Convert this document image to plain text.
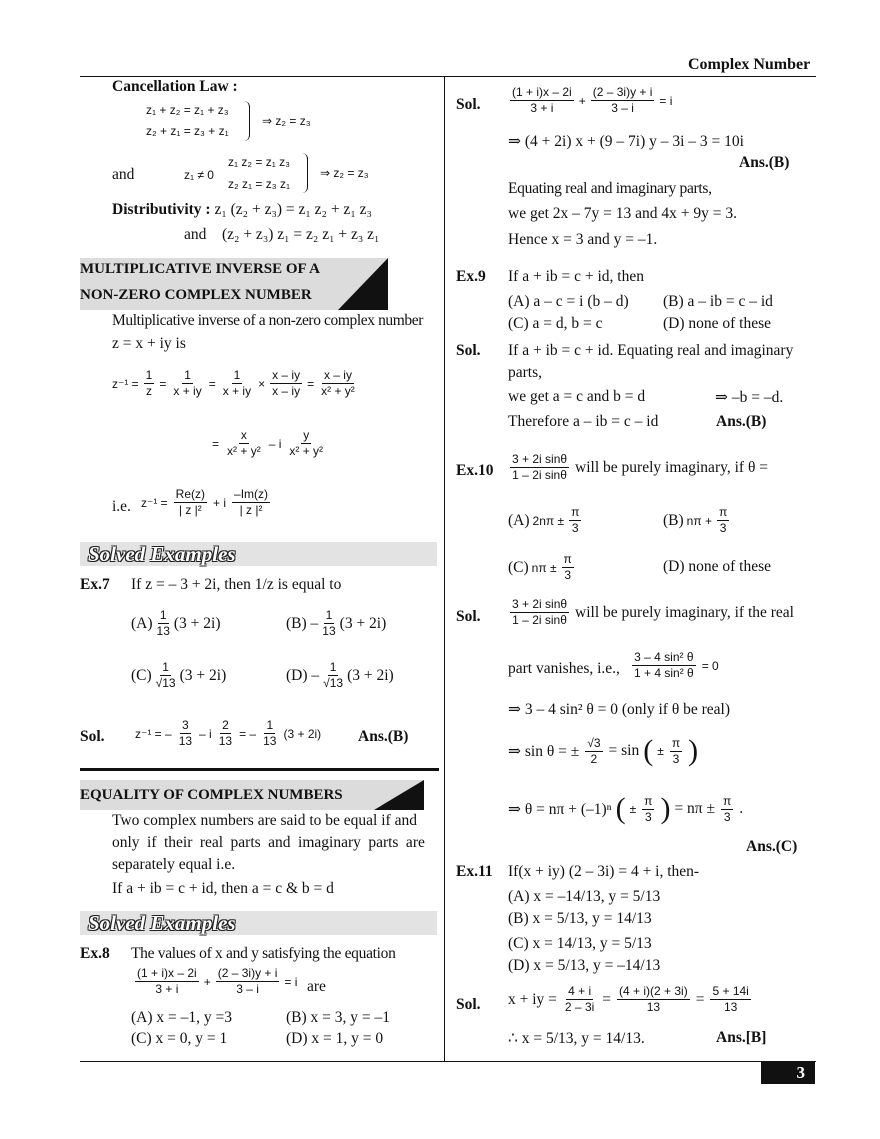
Complex Number
Cancellation Law :
z₁ + z₂ = z₁ + z₃
z₂ + z₁ = z₃ + z₁
⇒ z₂ = z₃
and	z₁ ≠ 0
z₁ z₂ = z₁ z₃
z₂ z₁ = z₃ z₁
⇒ z₂ = z₃
Distributivity : z₁ (z₂ + z₃) = z₁ z₂ + z₁ z₃
and (z₂ + z₃) z₁ = z₂ z₁ + z₃ z₁
MULTIPLICATIVE INVERSE OF A
NON-ZERO COMPLEX NUMBER
Multiplicative inverse of a non-zero complex number
z = x + iy is
$z^{-1} = \frac{1}{z} = \frac{1}{x + iy} = \frac{1}{x + iy} \times \frac{x - iy}{x - iy} = \frac{x - iy}{\text{x² + y²}}$
= $\frac{x}{\text{x² + y²}}$ – i $\frac{y}{\text{x² + y²}}$
i.e. $z^{-1} = \frac{Re(z)}{\text{| z |²}} + i \frac{-Im(z)}{\text{| z |²}}$
Solved Examples
Ex.7 If z = – 3 + 2i, then 1/z is equal to
$(A) \frac{1}{13} (3 + 2i)$	$(B) - \frac{1}{13} (3 + 2i)$
$(C) \frac{1}{√13} (3 + 2i)$	$(D) - \frac{1}{√13} (3 + 2i)$
Sol.	z⁻¹ = – $\frac{3}{13}$ – i $\frac{2}{13}$ = – $\frac{1}{13} (3 + 2i)$ Ans.(B)
EQUALITY OF COMPLEX NUMBERS
Two complex numbers are said to be equal if and
only if their real parts and imaginary parts are
separately equal i.e.
If a + ib = c + id, then a = c & b = d
Solved Examples
Ex.8 The values of x and y satisfying the equation
$\frac{(1 + i)x - 2i}{3 + i} + \frac{(2 - 3i)y + i}{3 - i} = i$ are
(A) x = –1, y =3	(B) x = 3, y = –1
(C) x = 0, y = 1	(D) x = 1, y = 0
Sol. $\frac{(1 + i)x - 2i}{3 + i} + \frac{(2 - 3i)y + i}{3 - i} = i$
⇒ (4 + 2i) x + (9 – 7i) y – 3i – 3 = 10i
Ans.(B)
Equating real and imaginary parts,
we get 2x – 7y = 13 and 4x + 9y = 3.
Hence x = 3 and y = –1.
Ex.9 If a + ib = c + id, then
(A) a – c = i (b – d) (B) a – ib = c – id
(C) a = d, b = c	(D) none of these
Sol. If a + ib = c + id. Equating real and imaginary
parts,
we get a = c and b = d	⇒ –b = –d.
Therefore a – ib = c – id	Ans.(B)
$Ex.10 \frac{\text{3 + 2i sinθ}}{\text{1 – 2i sinθ}}$ will be purely imaginary, if θ =
(A) $2n\pi \pm \frac{\pi}{3}$	(B) $n\pi + \frac{\pi}{3}$
(C) $n\pi \pm \frac{\pi}{3}$	(D) none of these
Sol. $\frac{\text{3 + 2i sinθ}}{\text{1 – 2i sinθ}}$ will be purely imaginary, if the real
part vanishes, i.e., $\frac{\text{3 – 4 sin² θ}}{\text{1 + 4 sin² θ}} = 0$
⇒ 3 – 4 sin² θ = 0 (only if θ be real)
⇒ sin θ = ± $\frac{√3}{2} = \sin$ ( ± $\frac{\pi}{3}$ )
⇒ θ = nπ + (–1)ⁿ ( ± $\frac{\pi}{3}$ ) = $n\pi \pm \frac{\pi}{3}$ .
Ans.(C)
Ex.11 If(x + iy) (2 – 3i) = 4 + i, then-
(A) x = –14/13, y = 5/13
(B) x = 5/13, y = 14/13
(C) x = 14/13, y = 5/13
(D) x = 5/13, y = –14/13
Sol. x + iy = $\frac{4 + i}{2 - 3i} = \frac{(4 + i)(2 + 3i)}{13} = \frac{5 + 14i}{13}$
∴ x = 5/13, y = 14/13.	Ans.[B]
3
